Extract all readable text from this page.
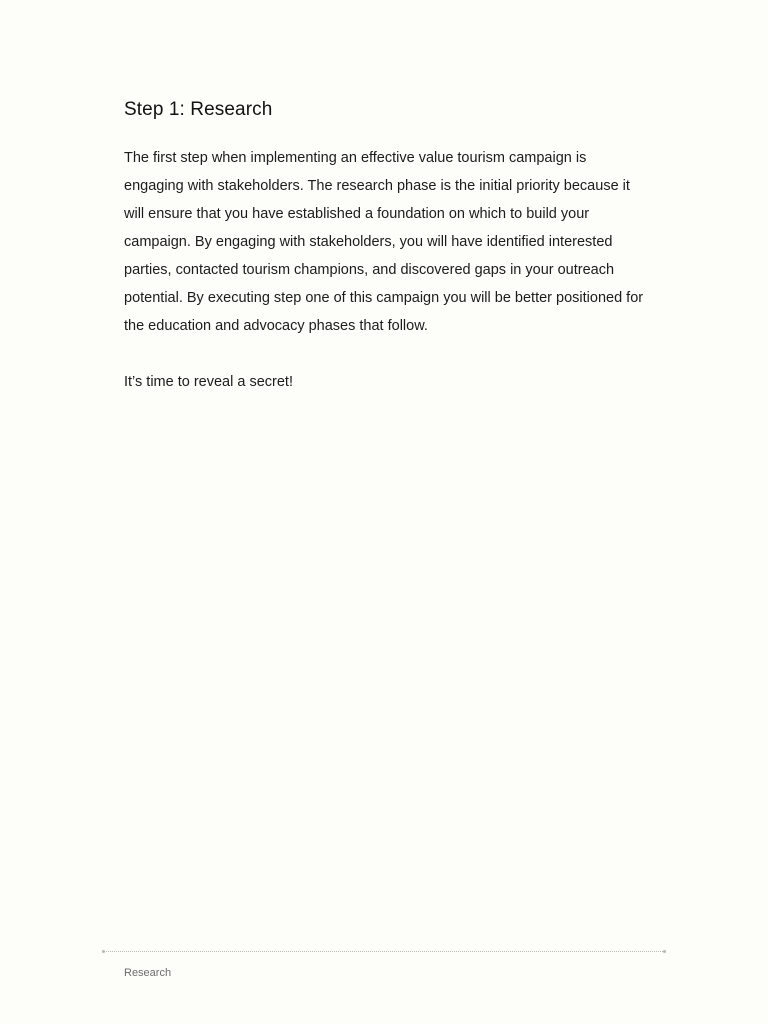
Step 1: Research

The first step when implementing an effective value tourism campaign is engaging with stakeholders. The research phase is the initial priority because it will ensure that you have established a foundation on which to build your campaign. By engaging with stakeholders, you will have identified interested parties, contacted tourism champions, and discovered gaps in your outreach potential. By executing step one of this campaign you will be better positioned for the education and advocacy phases that follow.

It’s time to reveal a secret!

Research
